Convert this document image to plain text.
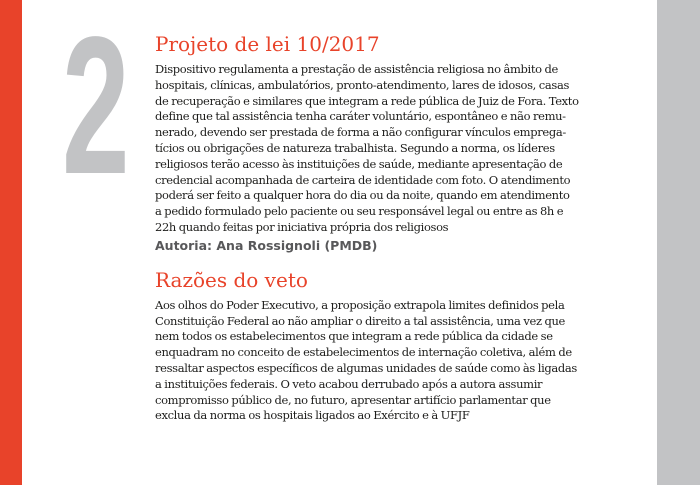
2 Projeto de lei 10/2017

Dispositivo regulamenta a prestação de assistência religiosa no âmbito de
hospitais, clínicas, ambulatórios, pronto-atendimento, lares de idosos, casas
de recuperação e similares que integram a rede pública de Juiz de Fora. Texto
define que tal assistência tenha caráter voluntário, espontâneo e não remu-
nerado, devendo ser prestada de forma a não configurar vínculos emprega-
tícios ou obrigações de natureza trabalhista. Segundo a norma, os líderes
religiosos terão acesso às instituições de saúde, mediante apresentação de
credencial acompanhada de carteira de identidade com foto. O atendimento
poderá ser feito a qualquer hora do dia ou da noite, quando em atendimento
a pedido formulado pelo paciente ou seu responsável legal ou entre as 8h e
22h quando feitas por iniciativa própria dos religiosos

Autoria: Ana Rossignoli (PMDB)

Razões do veto

Aos olhos do Poder Executivo, a proposição extrapola limites definidos pela
Constituição Federal ao não ampliar o direito a tal assistência, uma vez que
nem todos os estabelecimentos que integram a rede pública da cidade se
enquadram no conceito de estabelecimentos de internação coletiva, além de
ressaltar aspectos específicos de algumas unidades de saúde como às ligadas
a instituições federais. O veto acabou derrubado após a autora assumir
compromisso público de, no futuro, apresentar artifício parlamentar que
exclua da norma os hospitais ligados ao Exército e à UFJF
